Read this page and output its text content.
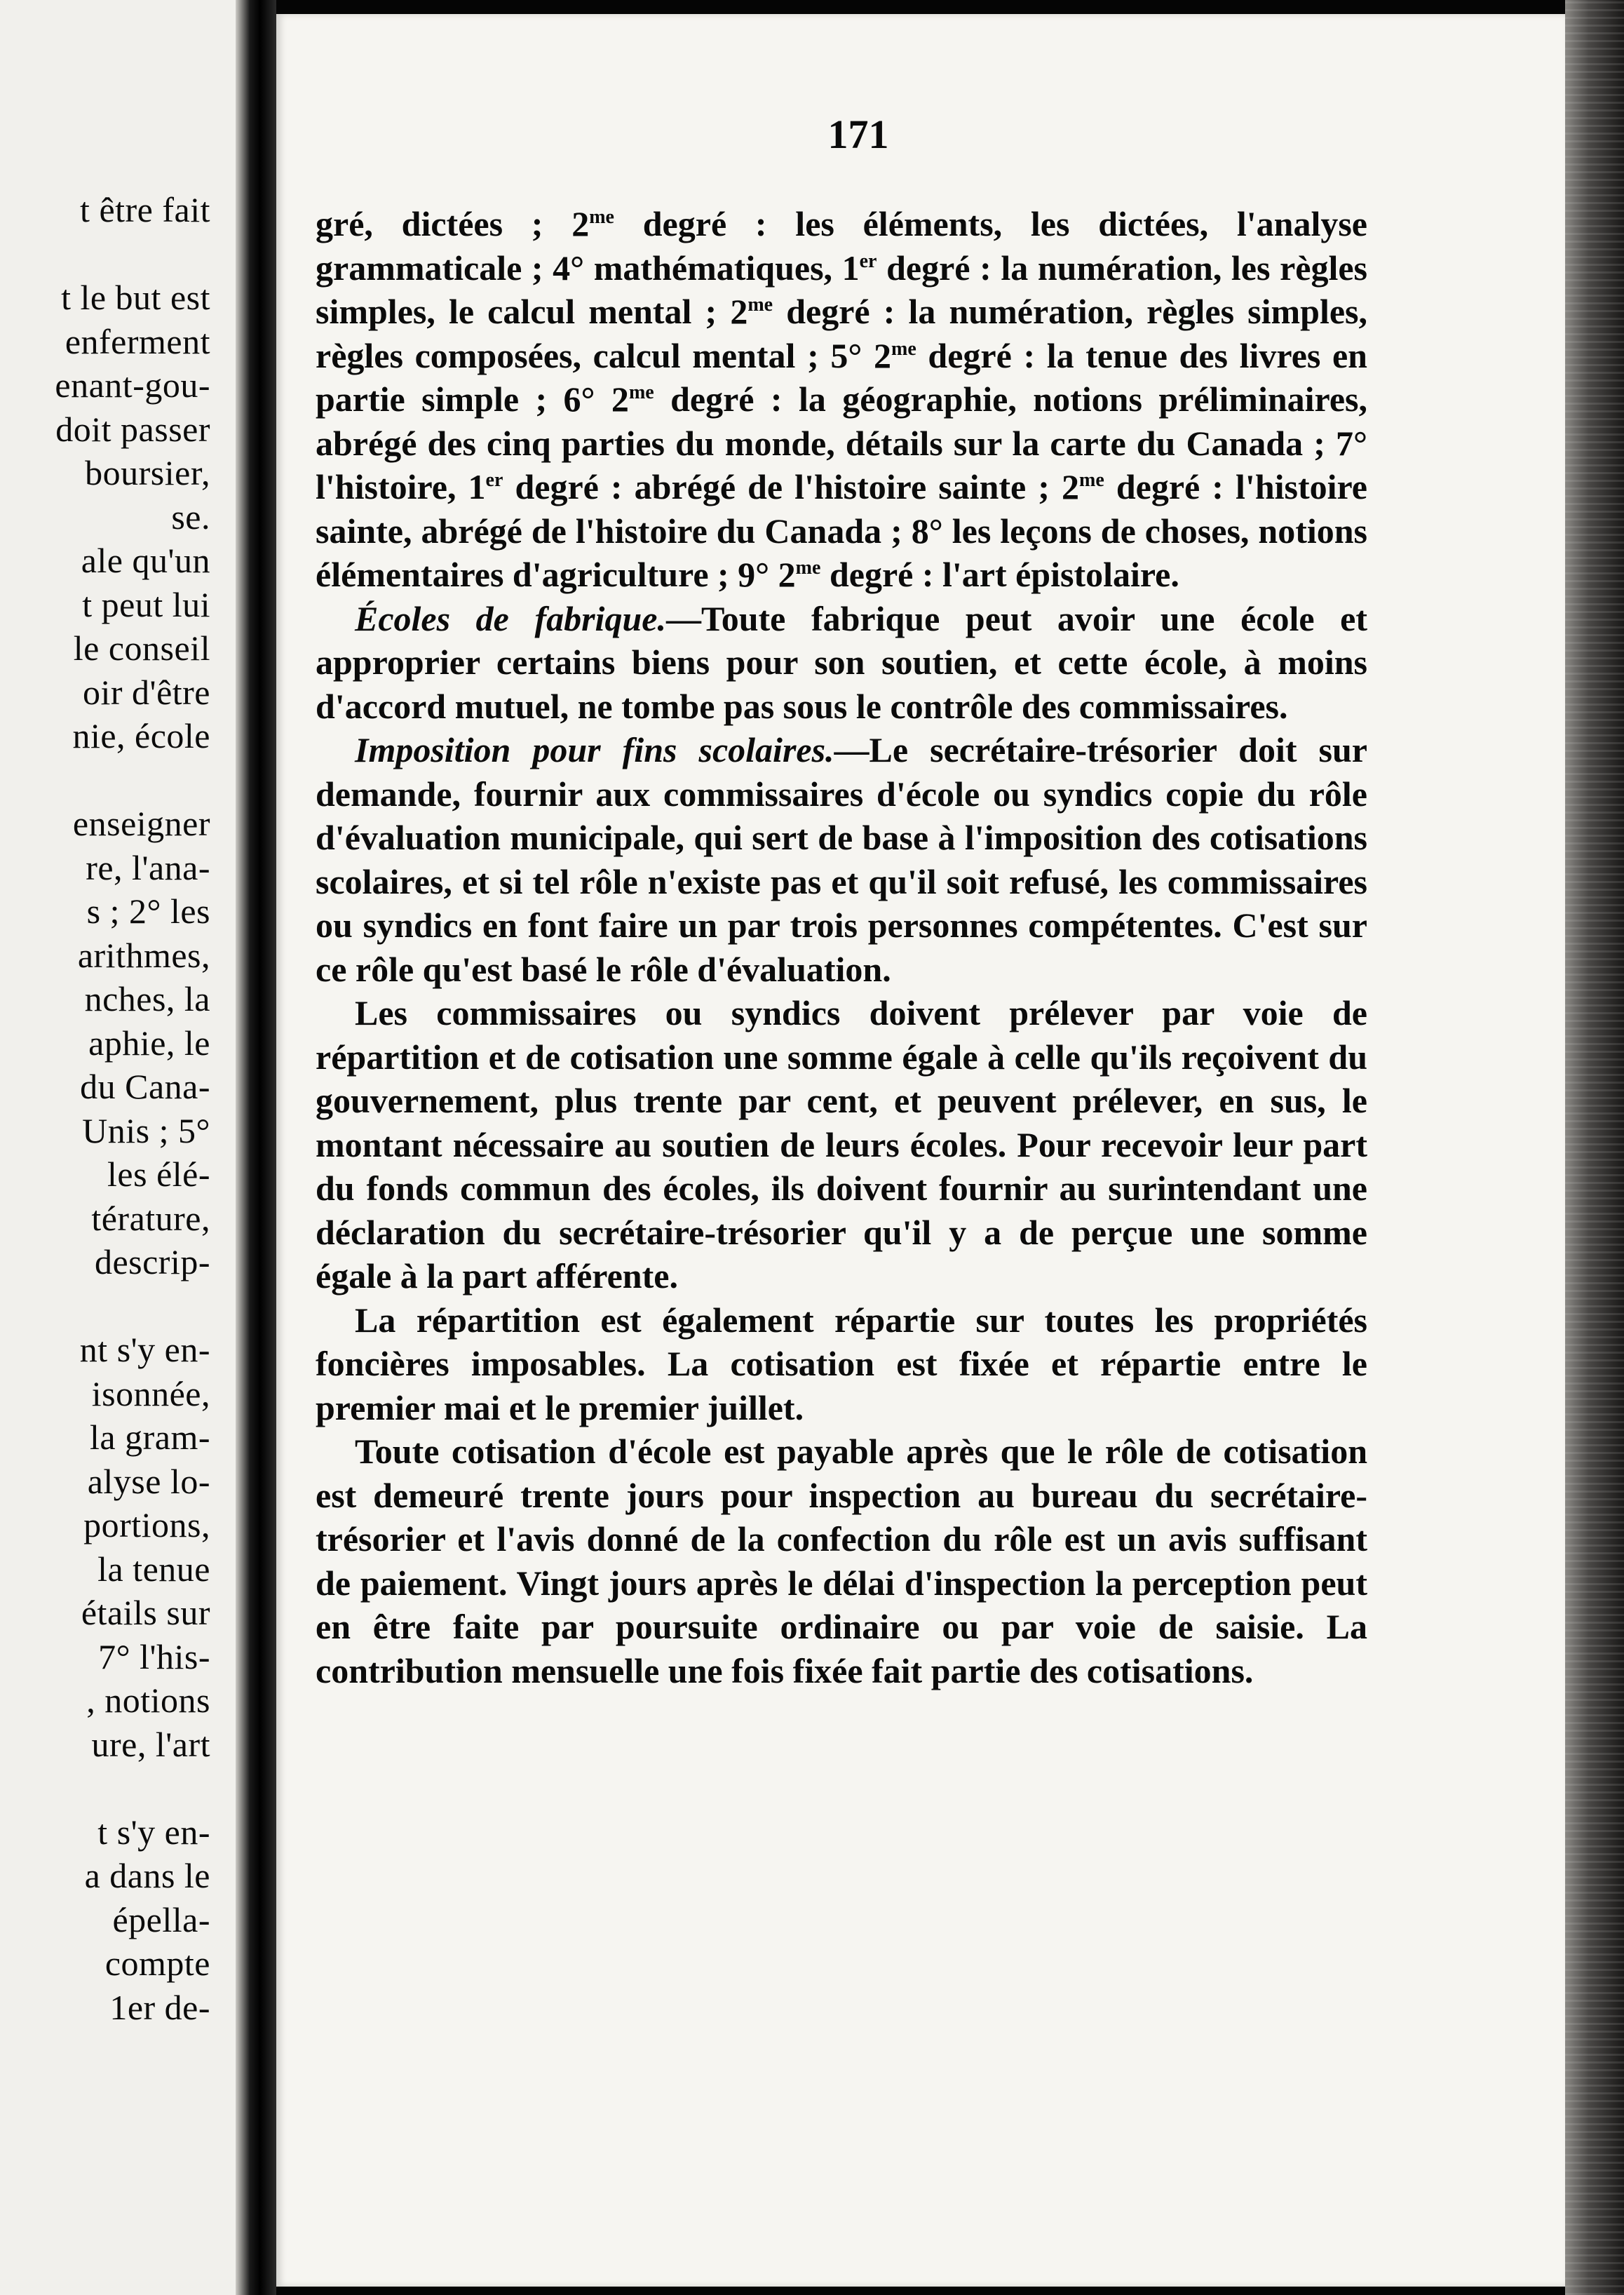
t être fait
t le but est
enferment
enant-gou-
doit passer
boursier,
se.
ale qu'un
t peut lui
le conseil
oir d'être
nie, école
enseigner
re, l'ana-
s ; 2° les
arithmes,
nches, la
aphie, le
du Cana-
Unis ; 5°
les élé-
térature,
descrip-
nt s'y en-
isonnée,
la gram-
alyse lo-
portions,
la tenue
étails sur
7° l'his-
, notions
ure, l'art
t s'y en-
a dans le
épella-
compte
1er de-

171

gré, dictées ; $2^{me}$ degré : les éléments, les dictées, l'analyse grammaticale ; 4° mathématiques, 1er degré : la numération, les règles simples, le calcul mental ; $2^{me}$ degré : la numération, règles simples, règles composées, calcul mental ; 5° $2^{me}$ degré : la tenue des livres en partie simple ; 6° $2^{me}$ degré : la géographie, notions préliminaires, abrégé des cinq parties du monde, détails sur la carte du Canada ; 7° l'histoire, 1er degré : abrégé de l'histoire sainte ; $2^{me}$ degré : l'histoire sainte, abrégé de l'histoire du Canada ; 8° les leçons de choses, notions élémentaires d'agriculture ; 9° $2^{me}$ degré : l'art épistolaire.

Écoles de fabrique.—Toute fabrique peut avoir une école et approprier certains biens pour son soutien, et cette école, à moins d'accord mutuel, ne tombe pas sous le contrôle des commissaires.

Imposition pour fins scolaires.—Le secrétaire-trésorier doit sur demande, fournir aux commissaires d'école ou syndics copie du rôle d'évaluation municipale, qui sert de base à l'imposition des cotisations scolaires, et si tel rôle n'existe pas et qu'il soit refusé, les commissaires ou syndics en font faire un par trois personnes compétentes. C'est sur ce rôle qu'est basé le rôle d'évaluation.

Les commissaires ou syndics doivent prélever par voie de répartition et de cotisation une somme égale à celle qu'ils reçoivent du gouvernement, plus trente par cent, et peuvent prélever, en sus, le montant nécessaire au soutien de leurs écoles. Pour recevoir leur part du fonds commun des écoles, ils doivent fournir au surintendant une déclaration du secrétaire-trésorier qu'il y a de perçue une somme égale à la part afférente.

La répartition est également répartie sur toutes les propriétés foncières imposables. La cotisation est fixée et répartie entre le premier mai et le premier juillet.

Toute cotisation d'école est payable après que le rôle de cotisation est demeuré trente jours pour inspection au bureau du secrétaire-trésorier et l'avis donné de la confection du rôle est un avis suffisant de paiement. Vingt jours après le délai d'inspection la perception peut en être faite par poursuite ordinaire ou par voie de saisie. La contribution mensuelle une fois fixée fait partie des cotisations.
